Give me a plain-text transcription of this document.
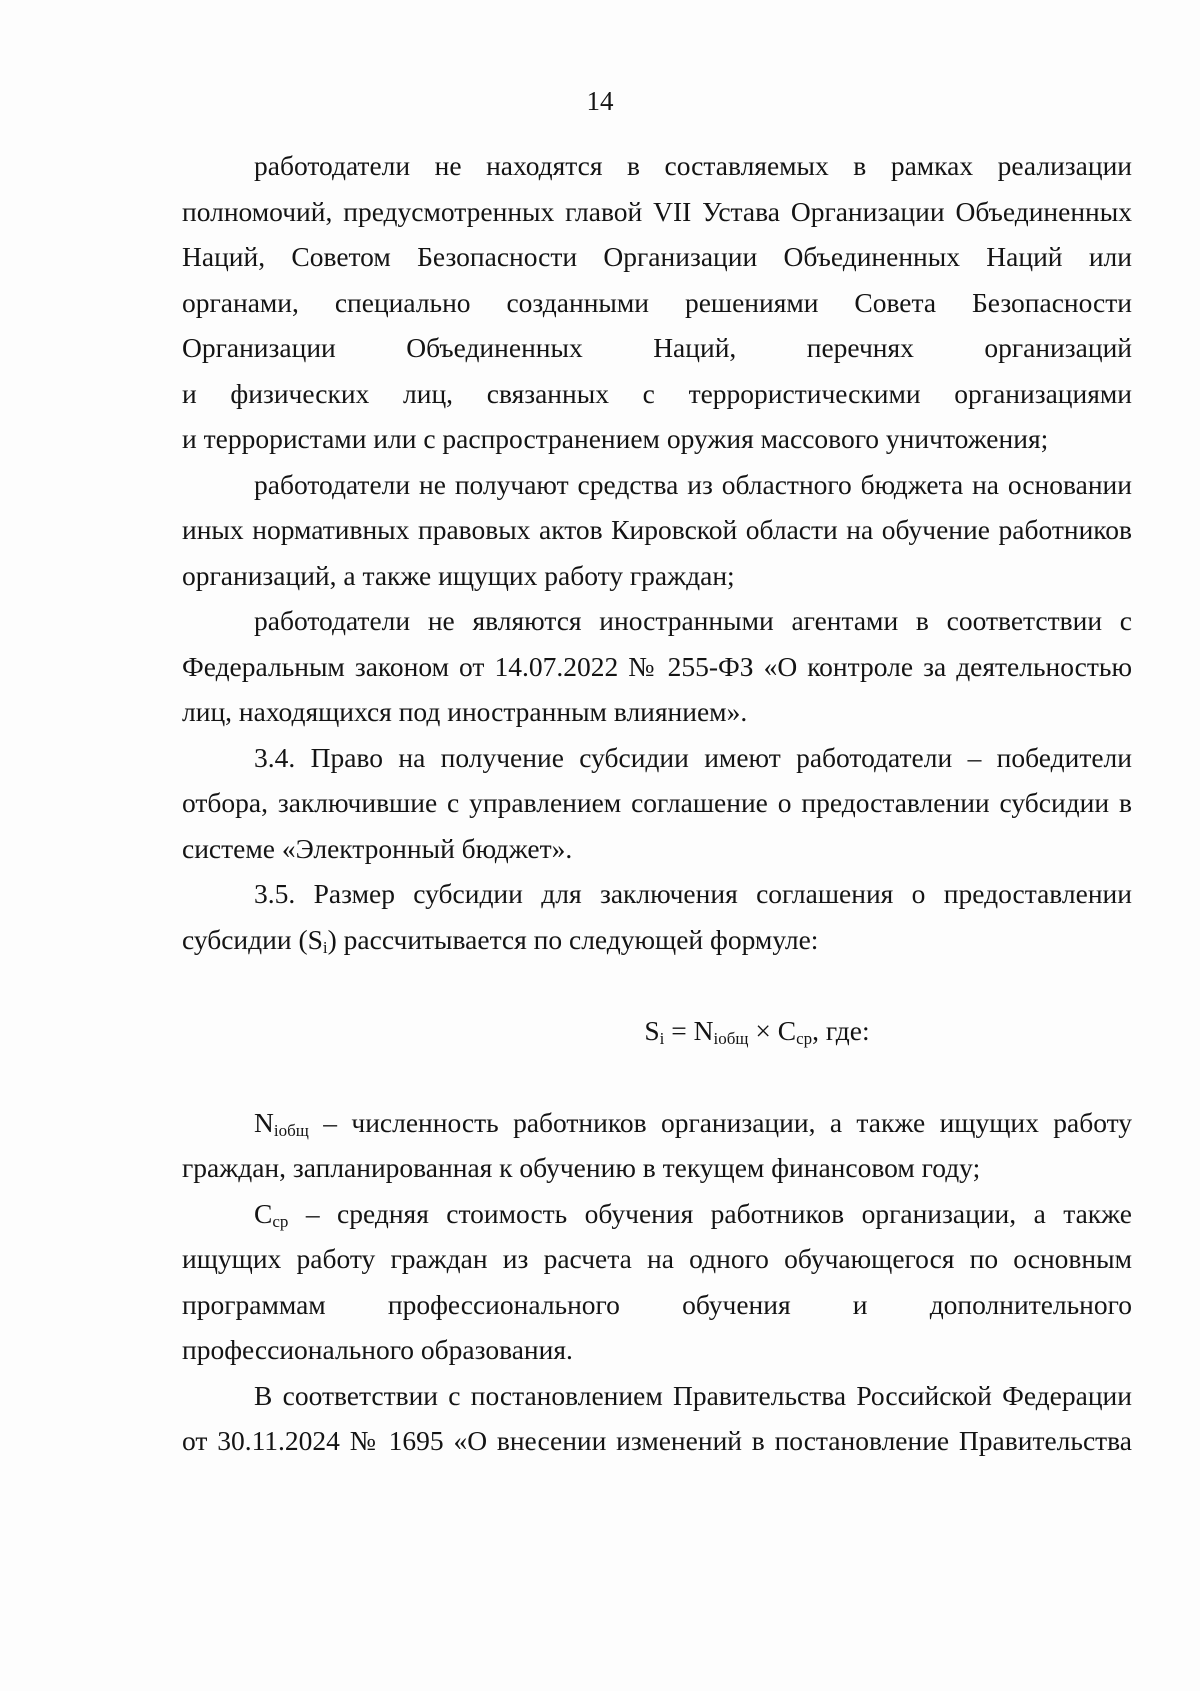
14

работодатели не находятся в составляемых в рамках реализации
полномочий, предусмотренных главой VII Устава Организации Объединенных
Наций, Советом Безопасности Организации Объединенных Наций или
органами, специально созданными решениями Совета Безопасности
Организации Объединенных Наций, перечнях организаций
и физических лиц, связанных с террористическими организациями
и террористами или с распространением оружия массового уничтожения;

работодатели не получают средства из областного бюджета на основании
иных нормативных правовых актов Кировской области на обучение работников
организаций, а также ищущих работу граждан;

работодатели не являются иностранными агентами в соответствии с
Федеральным законом от 14.07.2022 № 255-ФЗ «О контроле за деятельностью
лиц, находящихся под иностранным влиянием».

3.4. Право на получение субсидии имеют работодатели – победители
отбора, заключившие с управлением соглашение о предоставлении субсидии в
системе «Электронный бюджет».

3.5. Размер субсидии для заключения соглашения о предоставлении
субсидии $(S_i)$ рассчитывается по следующей формуле:

$S_i = N_{iобщ} \times C_{ср}$, где:

$N_{iобщ}$ – численность работников организации, а также ищущих работу
граждан, запланированная к обучению в текущем финансовом году;

$C_{ср}$ – средняя стоимость обучения работников организации, а также
ищущих работу граждан из расчета на одного обучающегося по основным
программам профессионального обучения и дополнительного
профессионального образования.

В соответствии с постановлением Правительства Российской Федерации
от 30.11.2024 № 1695 «О внесении изменений в постановление Правительства
